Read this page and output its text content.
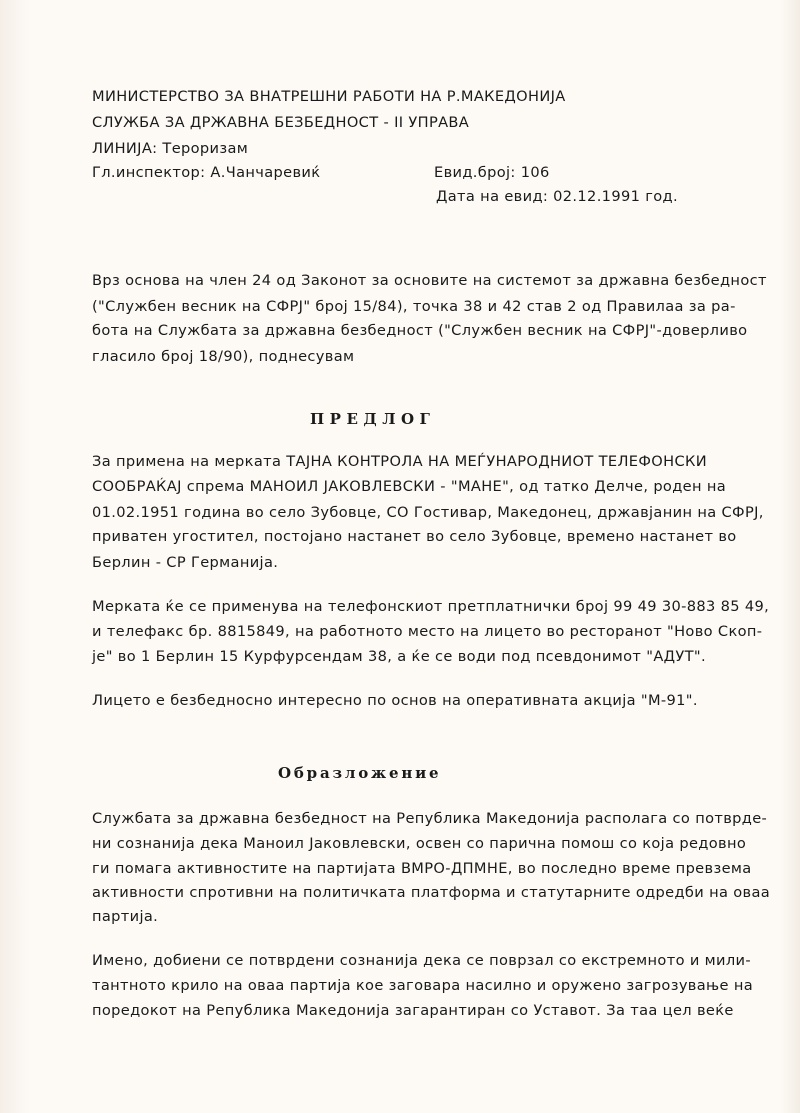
МИНИСТЕРСТВО ЗА ВНАТРЕШНИ РАБОТИ НА Р.МАКЕДОНИЈА
СЛУЖБА ЗА ДРЖАВНА БЕЗБЕДНОСТ - II УПРАВА
ЛИНИЈА: Тероризам
Гл.инспектор: А.Чанчаревиќ	Евид.број: 106
Дата на евид: 02.12.1991 год.
Врз основа на член 24 од Законот за основите на системот за државна безбедност
("Службен весник на СФРЈ" број 15/84), точка 38 и 42 став 2 од Правилаа за ра-
бота на Службата за државна безбедност ("Службен весник на СФРЈ"-доверливо
гласило број 18/90), поднесувам
ПРЕДЛОГ
За примена на мерката ТАЈНА КОНТРОЛА НА МЕЃУНАРОДНИОТ ТЕЛЕФОНСКИ
СООБРАЌАЈ спрема МАНОИЛ ЈАКОВЛЕВСКИ - "МАНЕ", од татко Делче, роден на
01.02.1951 година во село Зубовце, СО Гостивар, Македонец, државјанин на СФРЈ,
приватен угостител, постојано настанет во село Зубовце, времено настанет во
Берлин - СР Германија.
Мерката ќе се применува на телефонскиот претплатнички број 99 49 30-883 85 49,
и телефакс бр. 8815849, на работното место на лицето во ресторанот "Ново Скоп-
је" во 1 Берлин 15 Курфурсендам 38, а ќе се води под псевдонимот "АДУТ".
Лицето е безбедносно интересно по основ на оперативната акција "М-91".
Образложение
Службата за државна безбедност на Република Македонија располага со потврде-
ни сознанија дека Маноил Јаковлевски, освен со парична помош со која редовно
ги помага активностите на партијата ВМРО-ДПМНЕ, во последно време превзема
активности спротивни на политичката платформа и статутарните одредби на оваа
партија.
Имено, добиени се потврдени сознанија дека се поврзал со екстремното и мили-
тантното крило на оваа партија кое заговара насилно и оружено загрозување на
поредокот на Република Македонија загарантиран со Уставот. За таа цел веќе
